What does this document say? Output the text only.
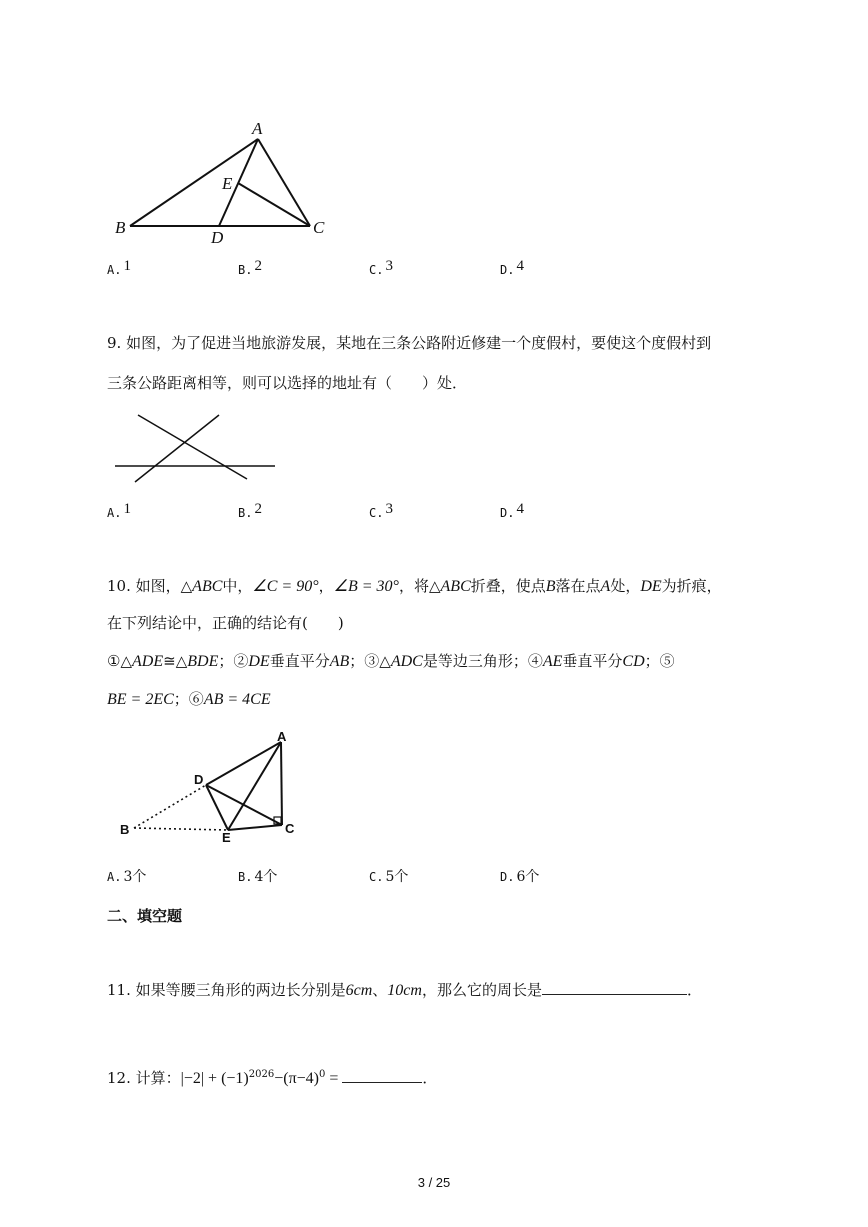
A
B	C
D
E
A. 1	B. 2	C. 3	D. 4
9. 如图，为了促进当地旅游发展，某地在三条公路附近修建一个度假村，要使这个度假村到
三条公路距离相等，则可以选择的地址有（　　）处．
A. 1	B. 2	C. 3	D. 4
10. 如图，△ABC中，∠C = 90°，∠B = 30°，将△ABC折叠，使点B落在点A处，DE为折痕，
在下列结论中，正确的结论有(　　)
①△ADE≅△BDE；②DE垂直平分AB；③△ADC是等边三角形；④AE垂直平分CD；⑤
BE = 2EC；⑥AB = 4CE
A
B	C
D
E
A. 3个	B. 4个	C. 5个	D. 6个
二、填空题
11. 如果等腰三角形的两边长分别是6cm、10cm，那么它的周长是	．
12. 计算：$|-2| + (-1)^{2026}-(\pi-4)^0$ =	．
3 / 25
